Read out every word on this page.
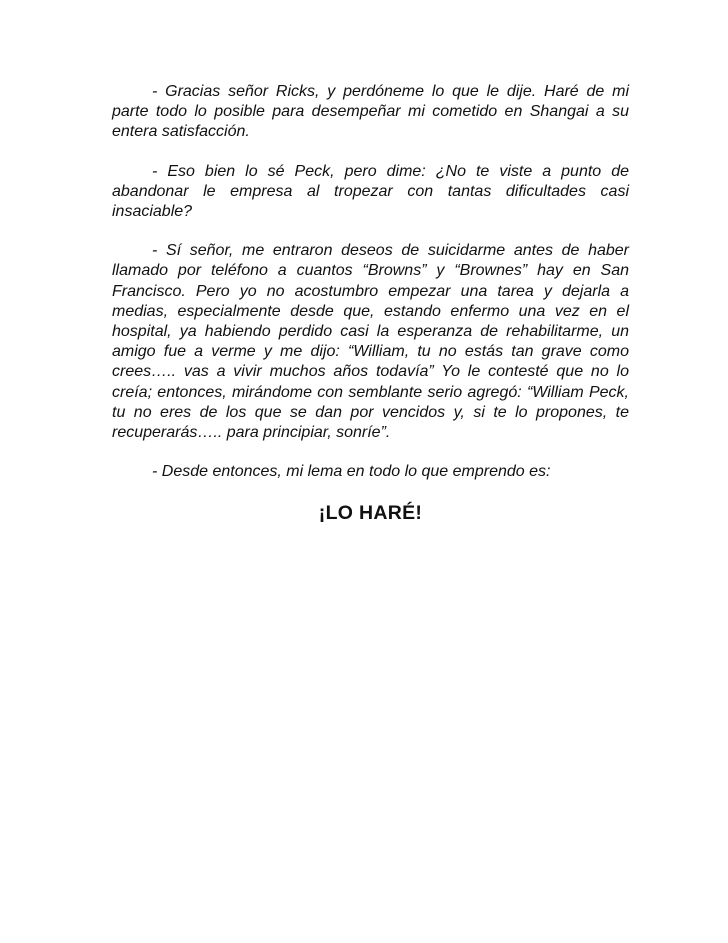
- Gracias señor Ricks, y perdóneme lo que le dije. Haré de mi parte todo lo posible para desempeñar mi cometido en Shangai a su entera satisfacción.

- Eso bien lo sé Peck, pero dime: ¿No te viste a punto de abandonar le empresa al tropezar con tantas dificultades casi insaciable?

- Sí señor, me entraron deseos de suicidarme antes de haber llamado por teléfono a cuantos “Browns” y “Brownes” hay en San Francisco. Pero yo no acostumbro empezar una tarea y dejarla a medias, especialmente desde que, estando enfermo una vez en el hospital, ya habiendo perdido casi la esperanza de rehabilitarme, un amigo fue a verme y me dijo: “William, tu no estás tan grave como crees….. vas a vivir muchos años todavía” Yo le contesté que no lo creía; entonces, mirándome con semblante serio agregó: “William Peck, tu no eres de los que se dan por vencidos y, si te lo propones, te recuperarás….. para principiar, sonríe”.

- Desde entonces, mi lema en todo lo que emprendo es:

¡LO HARÉ!
